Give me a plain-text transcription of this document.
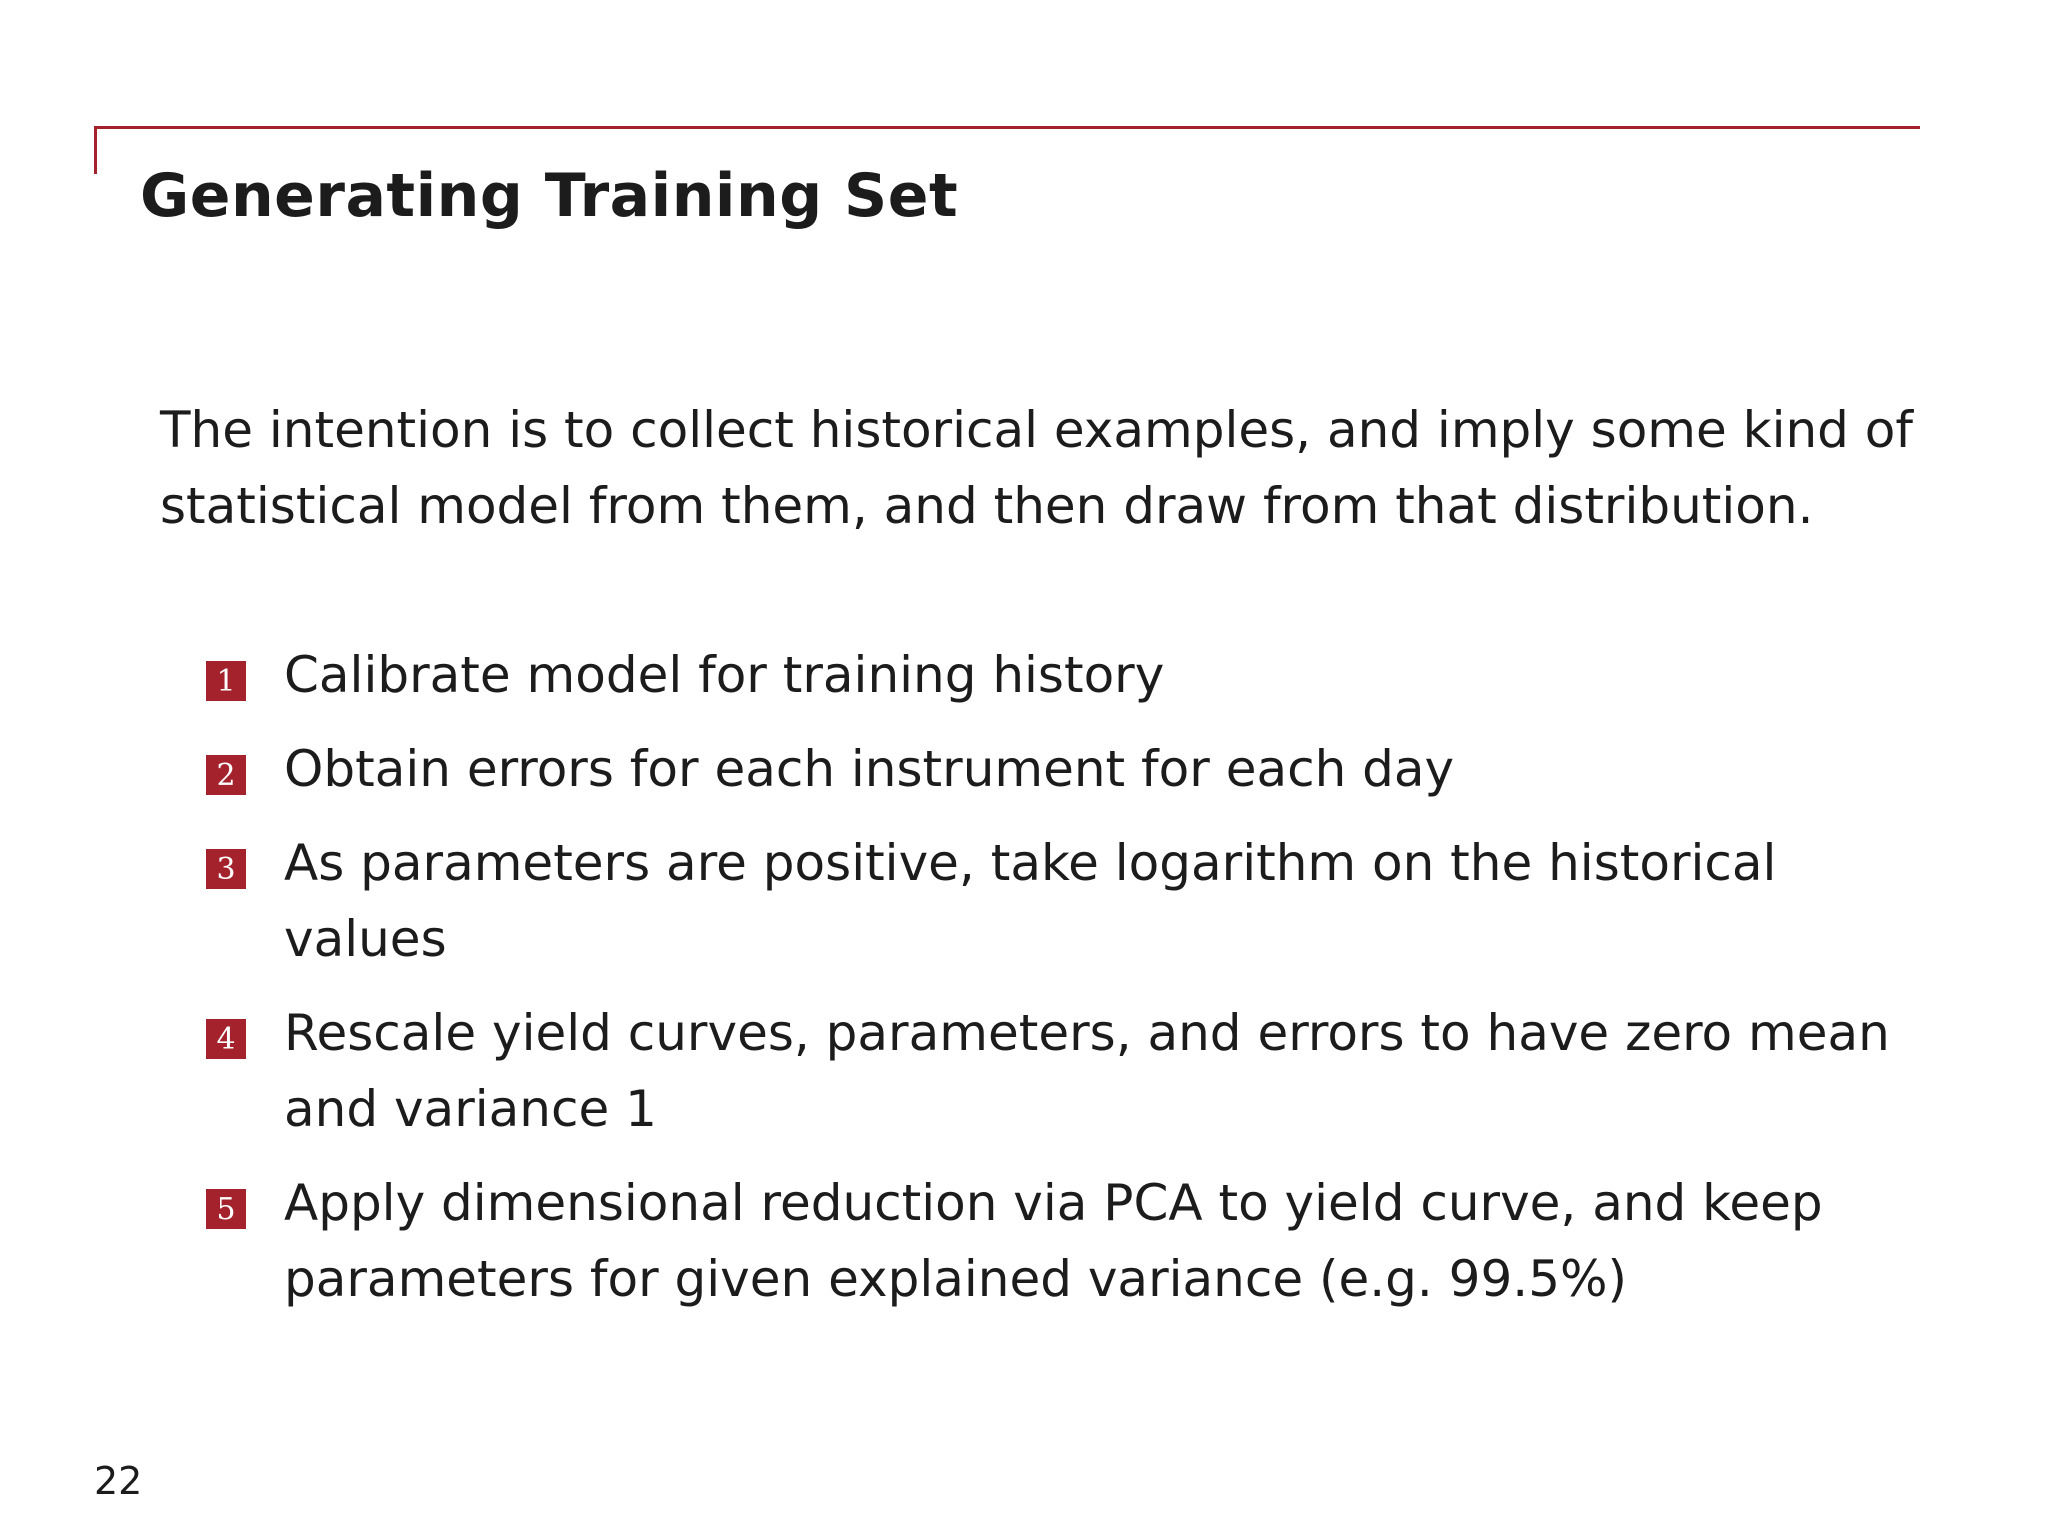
Generating Training Set

The intention is to collect historical examples, and imply some kind of statistical model from them, and then draw from that distribution.

1 Calibrate model for training history
2 Obtain errors for each instrument for each day
3 As parameters are positive, take logarithm on the historical values
4 Rescale yield curves, parameters, and errors to have zero mean and variance 1
5 Apply dimensional reduction via PCA to yield curve, and keep parameters for given explained variance (e.g. 99.5%)
22
